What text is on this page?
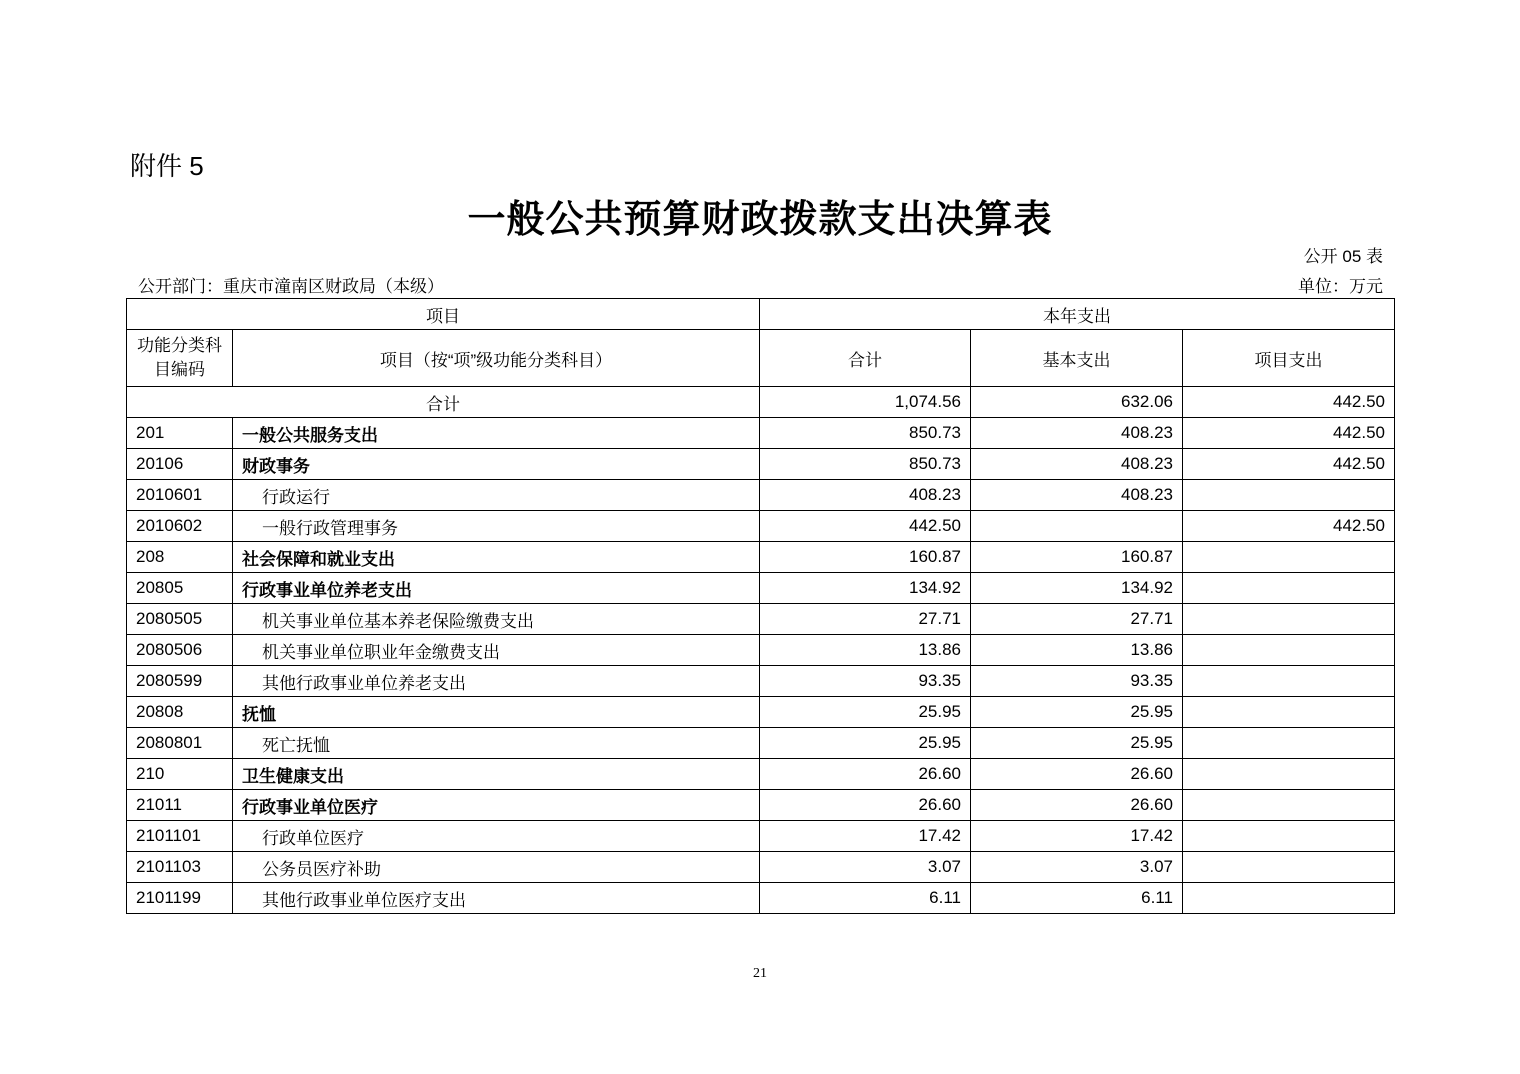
附件 5
一般公共预算财政拨款支出决算表
公开 05 表
公开部门：重庆市潼南区财政局（本级）	单位：万元
项目		本年支出		
功能分类科目编码	项目（按“项”级功能分类科目）	合计	基本支出	项目支出
合计		1,074.56	632.06	442.50
201	一般公共服务支出	850.73	408.23	442.50
20106	财政事务	850.73	408.23	442.50
2010601	行政运行	408.23	408.23	
2010602	一般行政管理事务	442.50		442.50
208	社会保障和就业支出	160.87	160.87	
20805	行政事业单位养老支出	134.92	134.92	
2080505	机关事业单位基本养老保险缴费支出	27.71	27.71	
2080506	机关事业单位职业年金缴费支出	13.86	13.86	
2080599	其他行政事业单位养老支出	93.35	93.35	
20808	抚恤	25.95	25.95	
2080801	死亡抚恤	25.95	25.95	
210	卫生健康支出	26.60	26.60	
21011	行政事业单位医疗	26.60	26.60	
2101101	行政单位医疗	17.42	17.42	
2101103	公务员医疗补助	3.07	3.07	
2101199	其他行政事业单位医疗支出	6.11	6.11	
21
